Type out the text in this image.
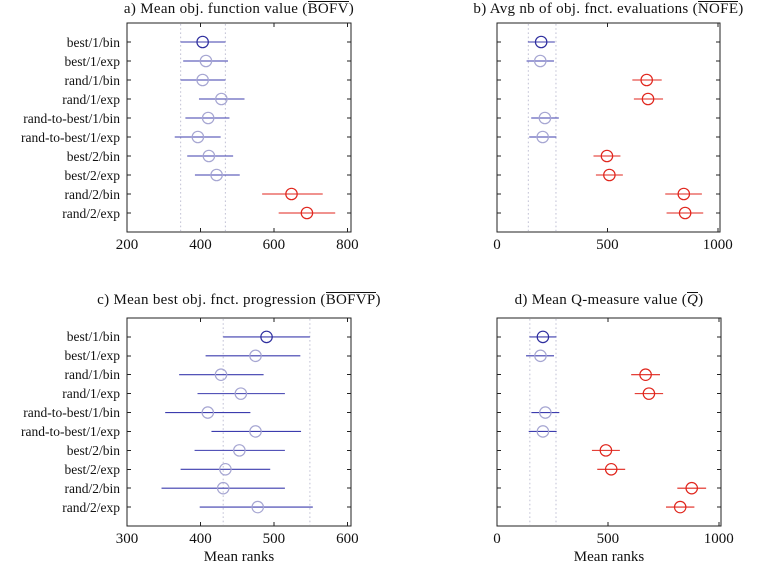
a) Mean obj. function value (BOFV)
best/1/bin
best/1/exp
rand/1/bin
rand/1/exp
rand-to-best/1/bin
rand-to-best/1/exp
best/2/bin
best/2/exp
rand/2/bin
rand/2/exp
200	400	600	800
b) Avg nb of obj. fnct. evaluations (NOFE)
0	500	1000
c) Mean best obj. fnct. progression (BOFVP)
best/1/bin
best/1/exp
rand/1/bin
rand/1/exp
rand-to-best/1/bin
rand-to-best/1/exp
best/2/bin
best/2/exp
rand/2/bin
rand/2/exp
300	400	500	600
Mean ranks
d) Mean Q-measure value (Q)
0	500	1000
Mean ranks
